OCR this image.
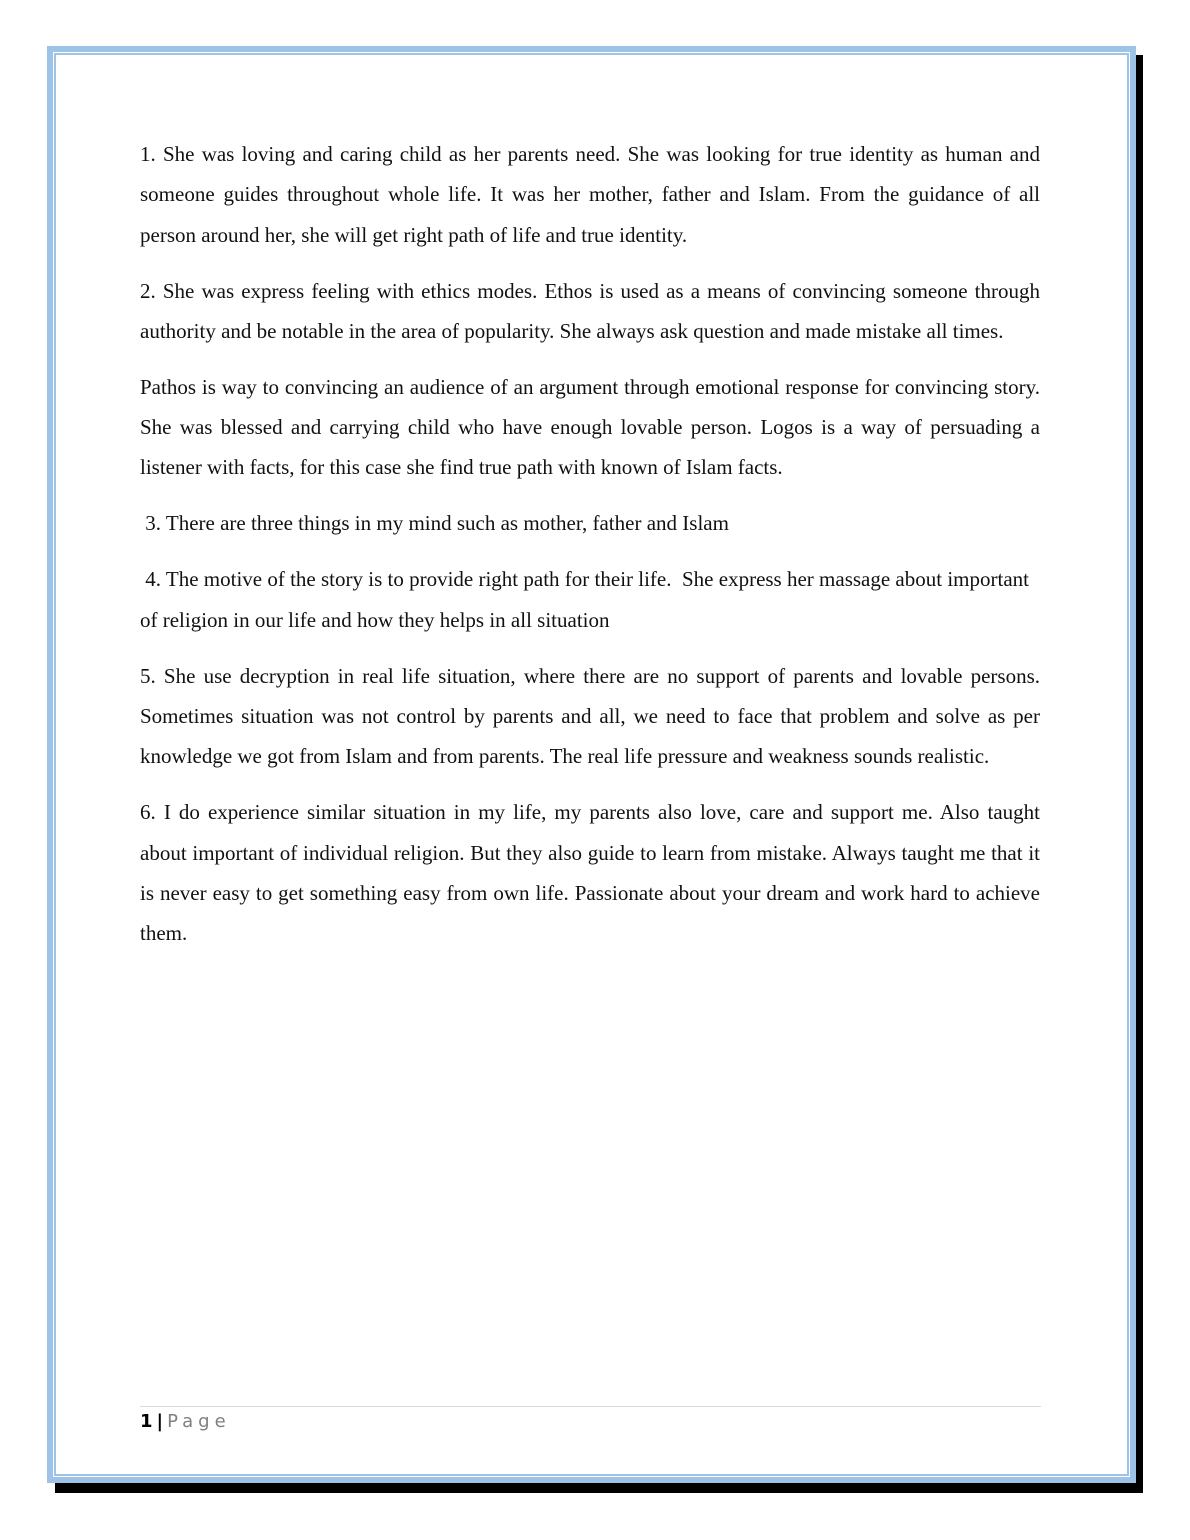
1. She was loving and caring child as her parents need. She was looking for true identity as human and someone guides throughout whole life. It was her mother, father and Islam. From the guidance of all person around her, she will get right path of life and true identity.

2. She was express feeling with ethics modes. Ethos is used as a means of convincing someone through authority and be notable in the area of popularity. She always ask question and made mistake all times.

Pathos is way to convincing an audience of an argument through emotional response for convincing story. She was blessed and carrying child who have enough lovable person. Logos is a way of persuading a listener with facts, for this case she find true path with known of Islam facts.

3. There are three things in my mind such as mother, father and Islam

4. The motive of the story is to provide right path for their life.  She express her massage about important of religion in our life and how they helps in all situation

5. She use decryption in real life situation, where there are no support of parents and lovable persons. Sometimes situation was not control by parents and all, we need to face that problem and solve as per knowledge we got from Islam and from parents. The real life pressure and weakness sounds realistic.

6. I do experience similar situation in my life, my parents also love, care and support me. Also taught about important of individual religion. But they also guide to learn from mistake. Always taught me that it is never easy to get something easy from own life. Passionate about your dream and work hard to achieve them.

1 | Page
